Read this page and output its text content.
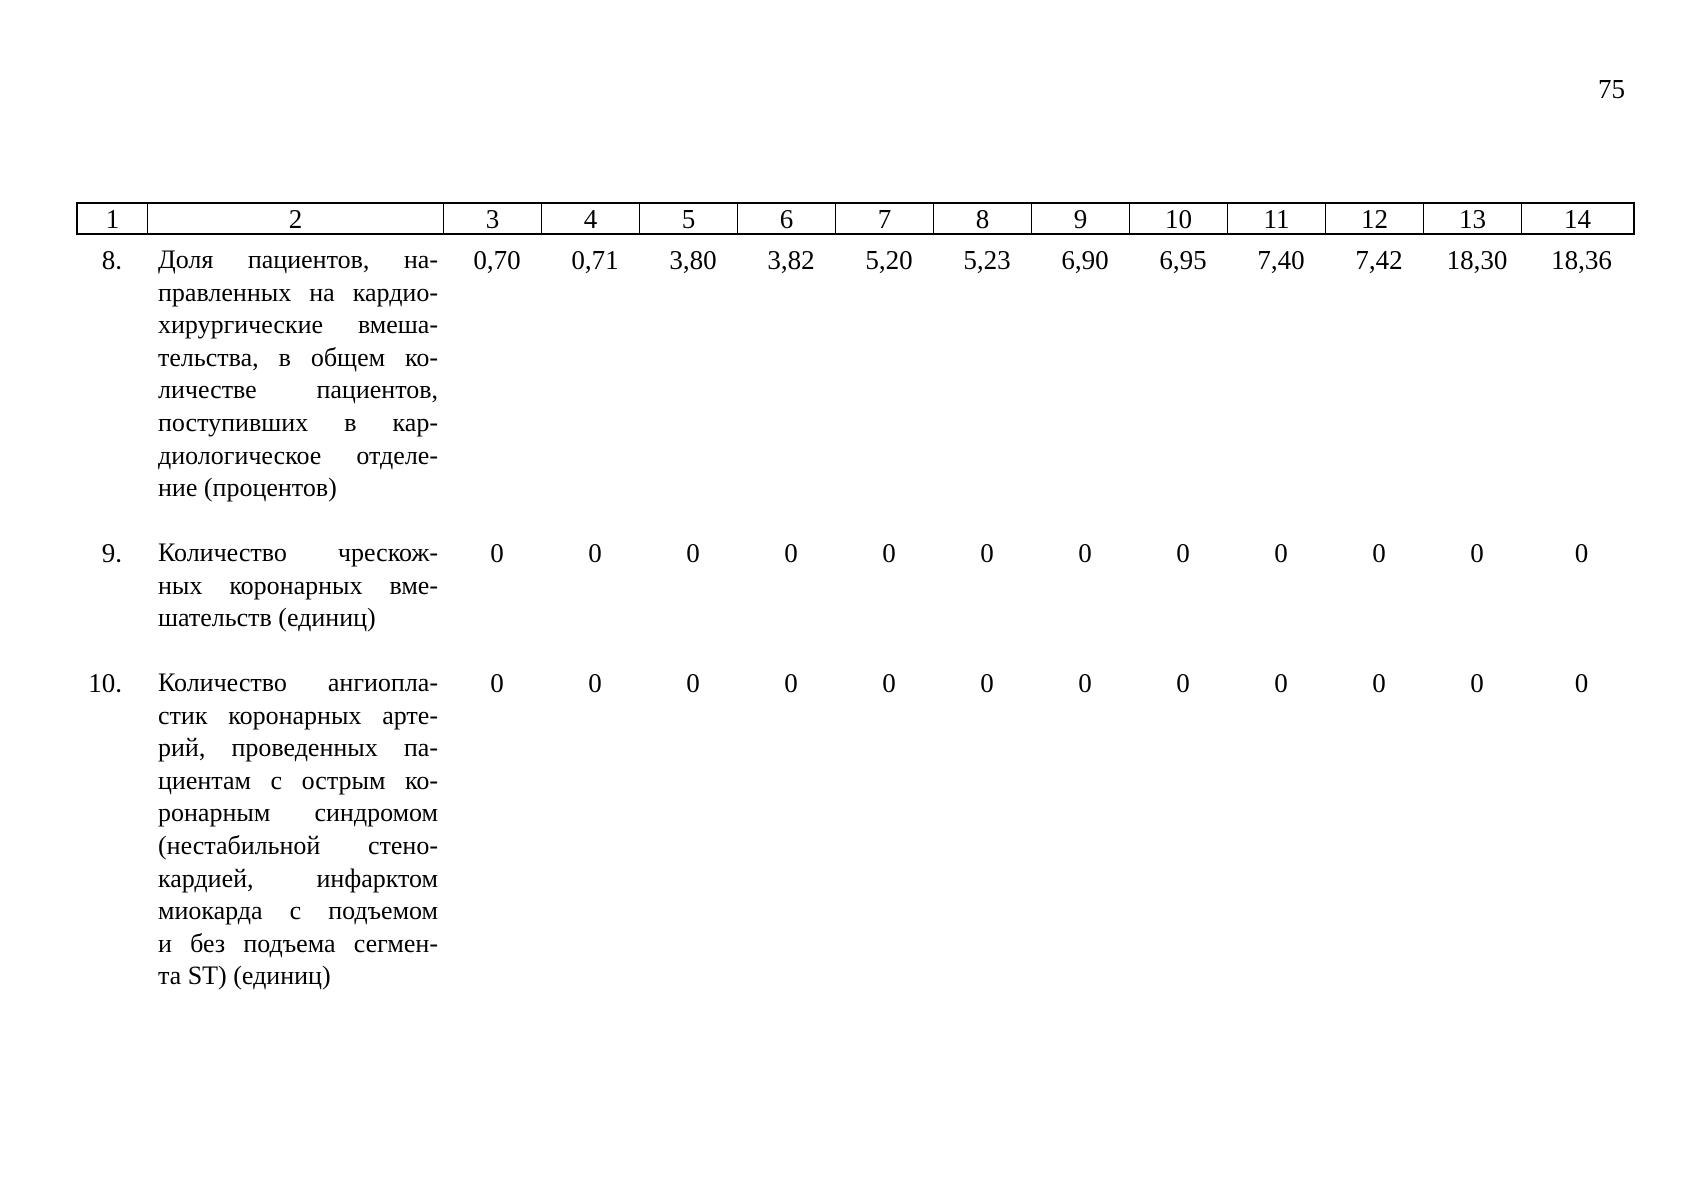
75
1	2	3	4	5	6	7	8	9	10	11	12	13	14
8.	Доля пациентов, на-
правленных на кардио-
хирургические вмеша-
тельства, в общем ко-
личестве пациентов,
поступивших в кар-
диологическое отделе-
ние (процентов)
0,70	0,71	3,80	3,82	5,20	5,23	6,90	6,95	7,40	7,42	18,30	18,36
9.	Количество чрескож-
ных коронарных вме-
шательств (единиц)
0	0	0	0	0	0	0	0	0	0	0	0
10.	Количество ангиопла-
стик коронарных арте-
рий, проведенных па-
циентам с острым ко-
ронарным синдромом
(нестабильной стено-
кардией, инфарктом
миокарда с подъемом
и без подъема сегмен-
та ST) (единиц)
0	0	0	0	0	0	0	0	0	0	0	0
